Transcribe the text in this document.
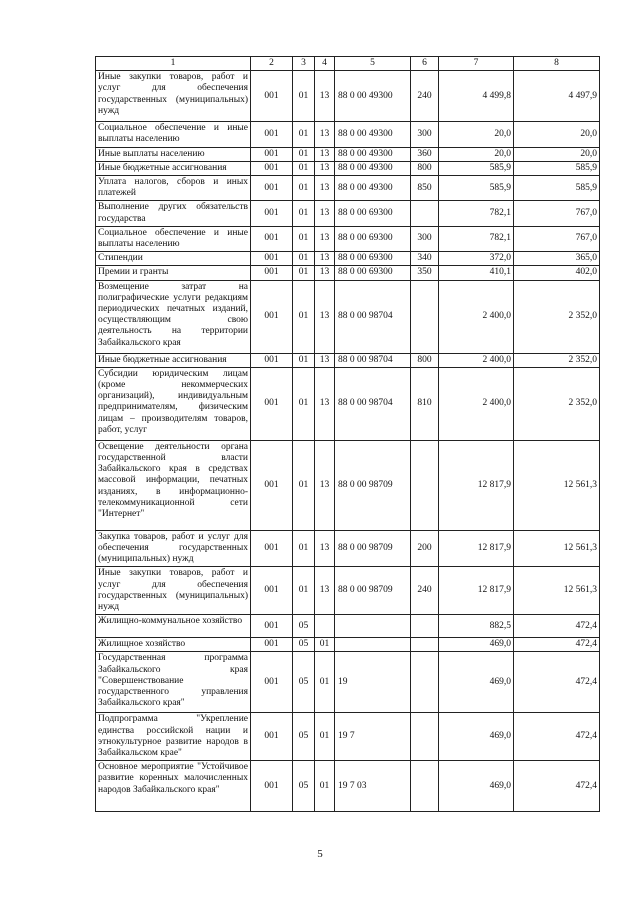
1	2	3	4	5	6	7	8
Иные закупки товаров, работ и услуг для обеспечения государственных (муниципальных) нужд	001	01	13	88 0 00 49300	240	4 499,8	4 497,9
Социальное обеспечение и иные выплаты населению	001	01	13	88 0 00 49300	300	20,0	20,0
Иные выплаты населению	001	01	13	88 0 00 49300	360	20,0	20,0
Иные бюджетные ассигнования	001	01	13	88 0 00 49300	800	585,9	585,9
Уплата налогов, сборов и иных платежей	001	01	13	88 0 00 49300	850	585,9	585,9
Выполнение других обязательств государства	001	01	13	88 0 00 69300		782,1	767,0
Социальное обеспечение и иные выплаты населению	001	01	13	88 0 00 69300	300	782,1	767,0
Стипендии	001	01	13	88 0 00 69300	340	372,0	365,0
Премии и гранты	001	01	13	88 0 00 69300	350	410,1	402,0
Возмещение затрат на полиграфические услуги редакциям периодических печатных изданий, осуществляющим свою деятельность на территории Забайкальского края	001	01	13	88 0 00 98704		2 400,0	2 352,0
Иные бюджетные ассигнования	001	01	13	88 0 00 98704	800	2 400,0	2 352,0
Субсидии юридическим лицам (кроме некоммерческих организаций), индивидуальным предпринимателям, физическим лицам – производителям товаров, работ, услуг	001	01	13	88 0 00 98704	810	2 400,0	2 352,0
Освещение деятельности органа государственной власти Забайкальского края в средствах массовой информации, печатных изданиях, в информационно-телекоммуникационной сети "Интернет"	001	01	13	88 0 00 98709		12 817,9	12 561,3
Закупка товаров, работ и услуг для обеспечения государственных (муниципальных) нужд	001	01	13	88 0 00 98709	200	12 817,9	12 561,3
Иные закупки товаров, работ и услуг для обеспечения государственных (муниципальных) нужд	001	01	13	88 0 00 98709	240	12 817,9	12 561,3
Жилищно-коммунальное хозяйство	001	05				882,5	472,4
Жилищное хозяйство	001	05	01			469,0	472,4
Государственная программа Забайкальского края "Совершенствование государственного управления Забайкальского края"	001	05	01	19		469,0	472,4
Подпрограмма "Укрепление единства российской нации и этнокультурное развитие народов в Забайкальском крае"	001	05	01	19 7		469,0	472,4
Основное мероприятие "Устойчивое развитие коренных малочисленных народов Забайкальского края"	001	05	01	19 7 03		469,0	472,4
5
